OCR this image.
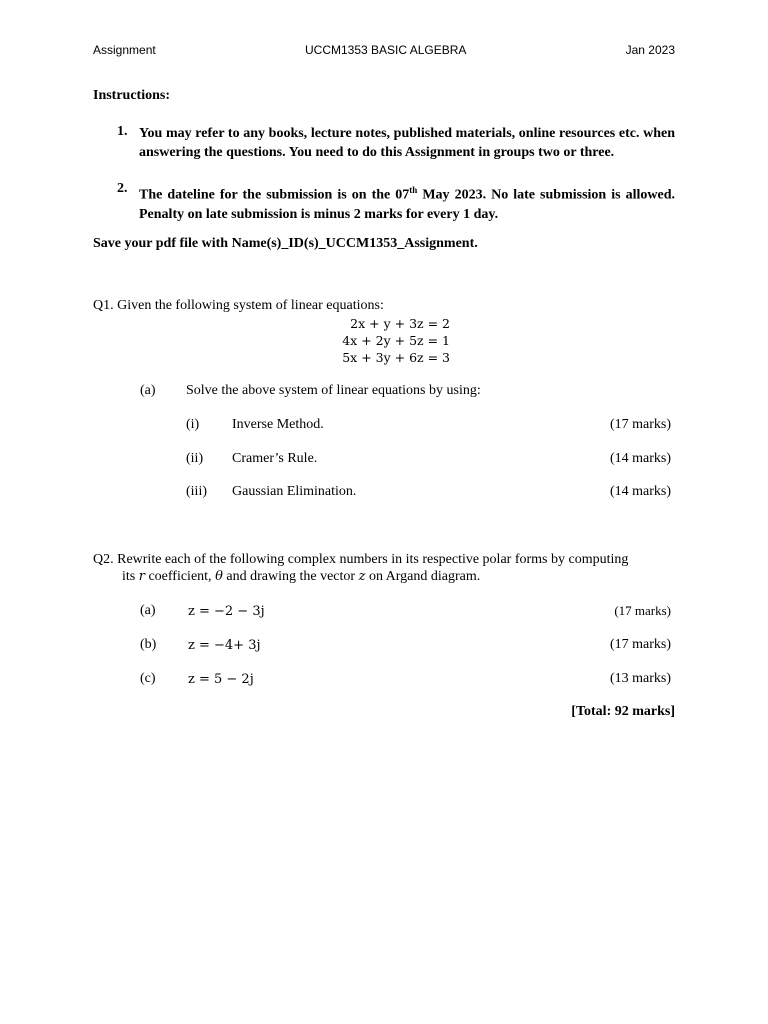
Assignment	UCCM1353 BASIC ALGEBRA	Jan 2023
Instructions:
1. You may refer to any books, lecture notes, published materials, online resources etc. when answering the questions. You need to do this Assignment in groups two or three.
2. The dateline for the submission is on the 07th May 2023. No late submission is allowed. Penalty on late submission is minus 2 marks for every 1 day.
Save your pdf file with Name(s)_ID(s)_UCCM1353_Assignment.
Q1. Given the following system of linear equations:
2x + y + 3z = 2
4x + 2y + 5z = 1
5x + 3y + 6z = 3
(a) Solve the above system of linear equations by using:
(i) Inverse Method.	(17 marks)
(ii) Cramer’s Rule.	(14 marks)
(iii) Gaussian Elimination.	(14 marks)
Q2. Rewrite each of the following complex numbers in its respective polar forms by computing
its r coefficient, θ and drawing the vector z on Argand diagram.
(a) z = −2 − 3j	(17 marks)
(b) z = −4+ 3j	(17 marks)
(c) z = 5 − 2j	(13 marks)
[Total: 92 marks]
